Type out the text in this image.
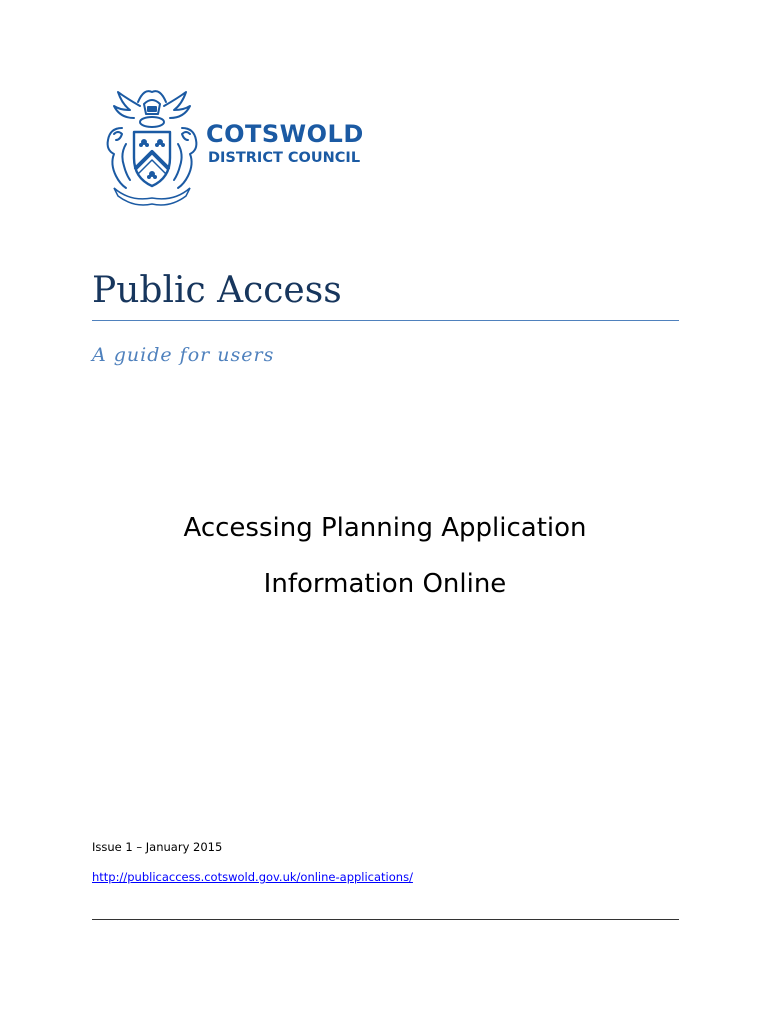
COTSWOLD
DISTRICT COUNCIL
Public Access

A guide for users

Accessing Planning Application
Information Online
Issue 1 – January 2015
http://publicaccess.cotswold.gov.uk/online-applications/
